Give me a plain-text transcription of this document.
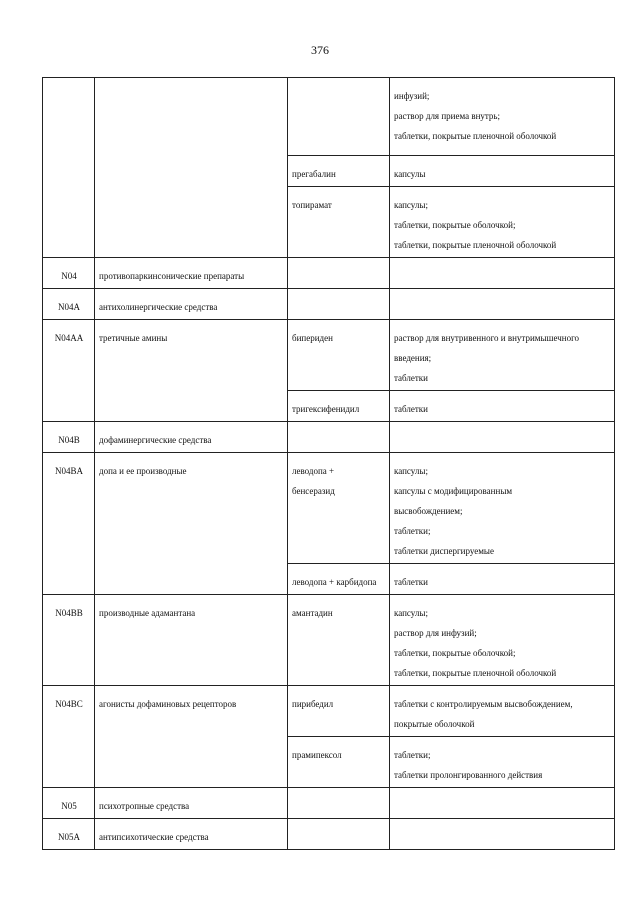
376

			инфузий;
раствор для приема внутрь;
таблетки, покрытые пленочной оболочкой

		прегабалин	капсулы

		топирамат	капсулы;
таблетки, покрытые оболочкой;
таблетки, покрытые пленочной оболочкой

N04	противопаркинсонические препараты		
N04A	антихолинергические средства		
N04AA	третичные амины	бипериден	раствор для внутривенного и внутримышечного
введения;
таблетки

		тригексифенидил	таблетки

N04B	дофаминергические средства		
N04BA	допа и ее производные	леводопа +
бенсеразид	капсулы;
капсулы с модифицированным
высвобождением;
таблетки;
таблетки диспергируемые

		леводопа + карбидопа	таблетки

N04BB	производные адамантана	амантадин	капсулы;
раствор для инфузий;
таблетки, покрытые оболочкой;
таблетки, покрытые пленочной оболочкой

N04BC	агонисты дофаминовых рецепторов	пирибедил	таблетки с контролируемым высвобождением,
покрытые оболочкой

		прамипексол	таблетки;
таблетки пролонгированного действия

N05	психотропные средства		
N05A	антипсихотические средства		
